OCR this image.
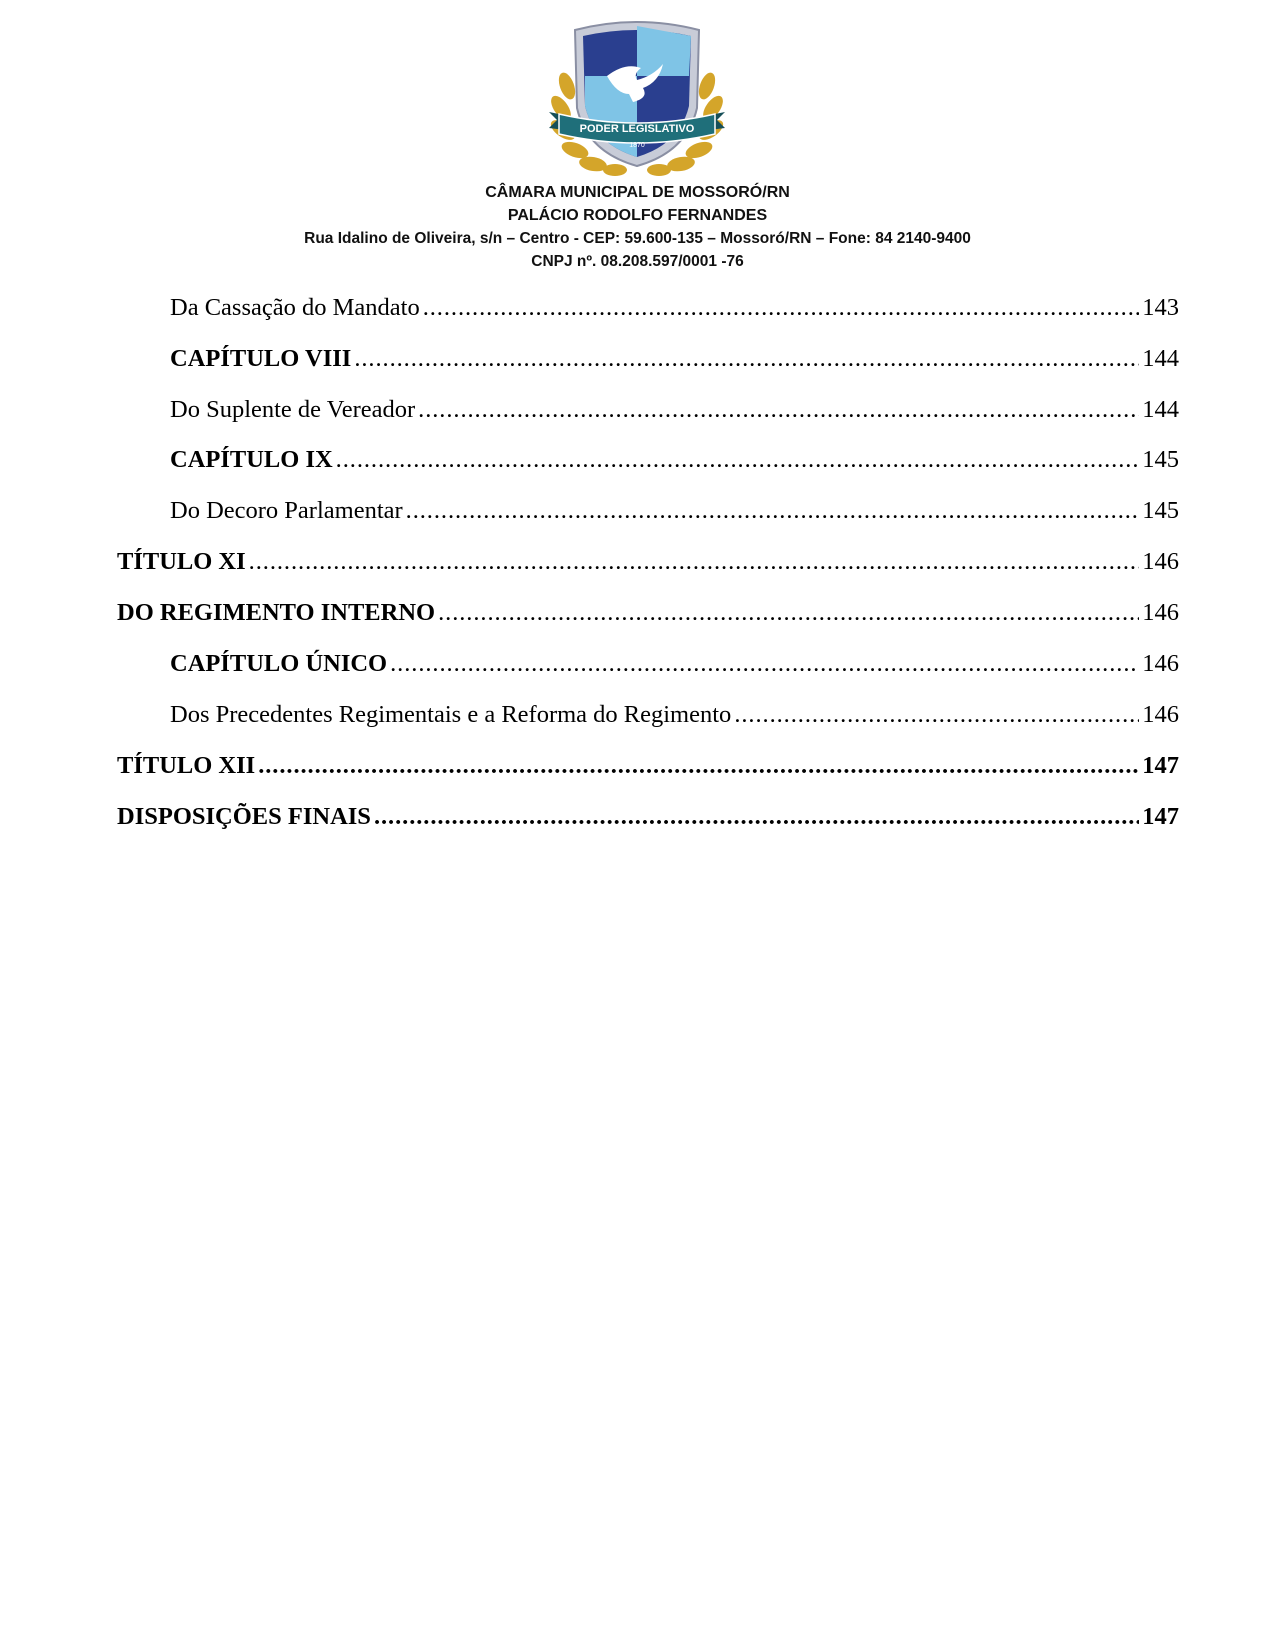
PODER LEGISLATIVO
1870
CÂMARA MUNICIPAL DE MOSSORÓ/RN
PALÁCIO RODOLFO FERNANDES
Rua Idalino de Oliveira, s/n – Centro - CEP: 59.600-135 – Mossoró/RN – Fone: 84 2140-9400
CNPJ nº. 08.208.597/0001 -76
Da Cassação do Mandato . . .	143
CAPÍTULO VIII . . .	144
Do Suplente de Vereador . . .	144
CAPÍTULO IX . . .	145
Do Decoro Parlamentar . . .	145
TÍTULO XI . . .	146
DO REGIMENTO INTERNO . . .	146
CAPÍTULO ÚNICO . . .	146
Dos Precedentes Regimentais e a Reforma do Regimento . . .	146
TÍTULO XII . . .	147
DISPOSIÇÕES FINAIS . . .	147
